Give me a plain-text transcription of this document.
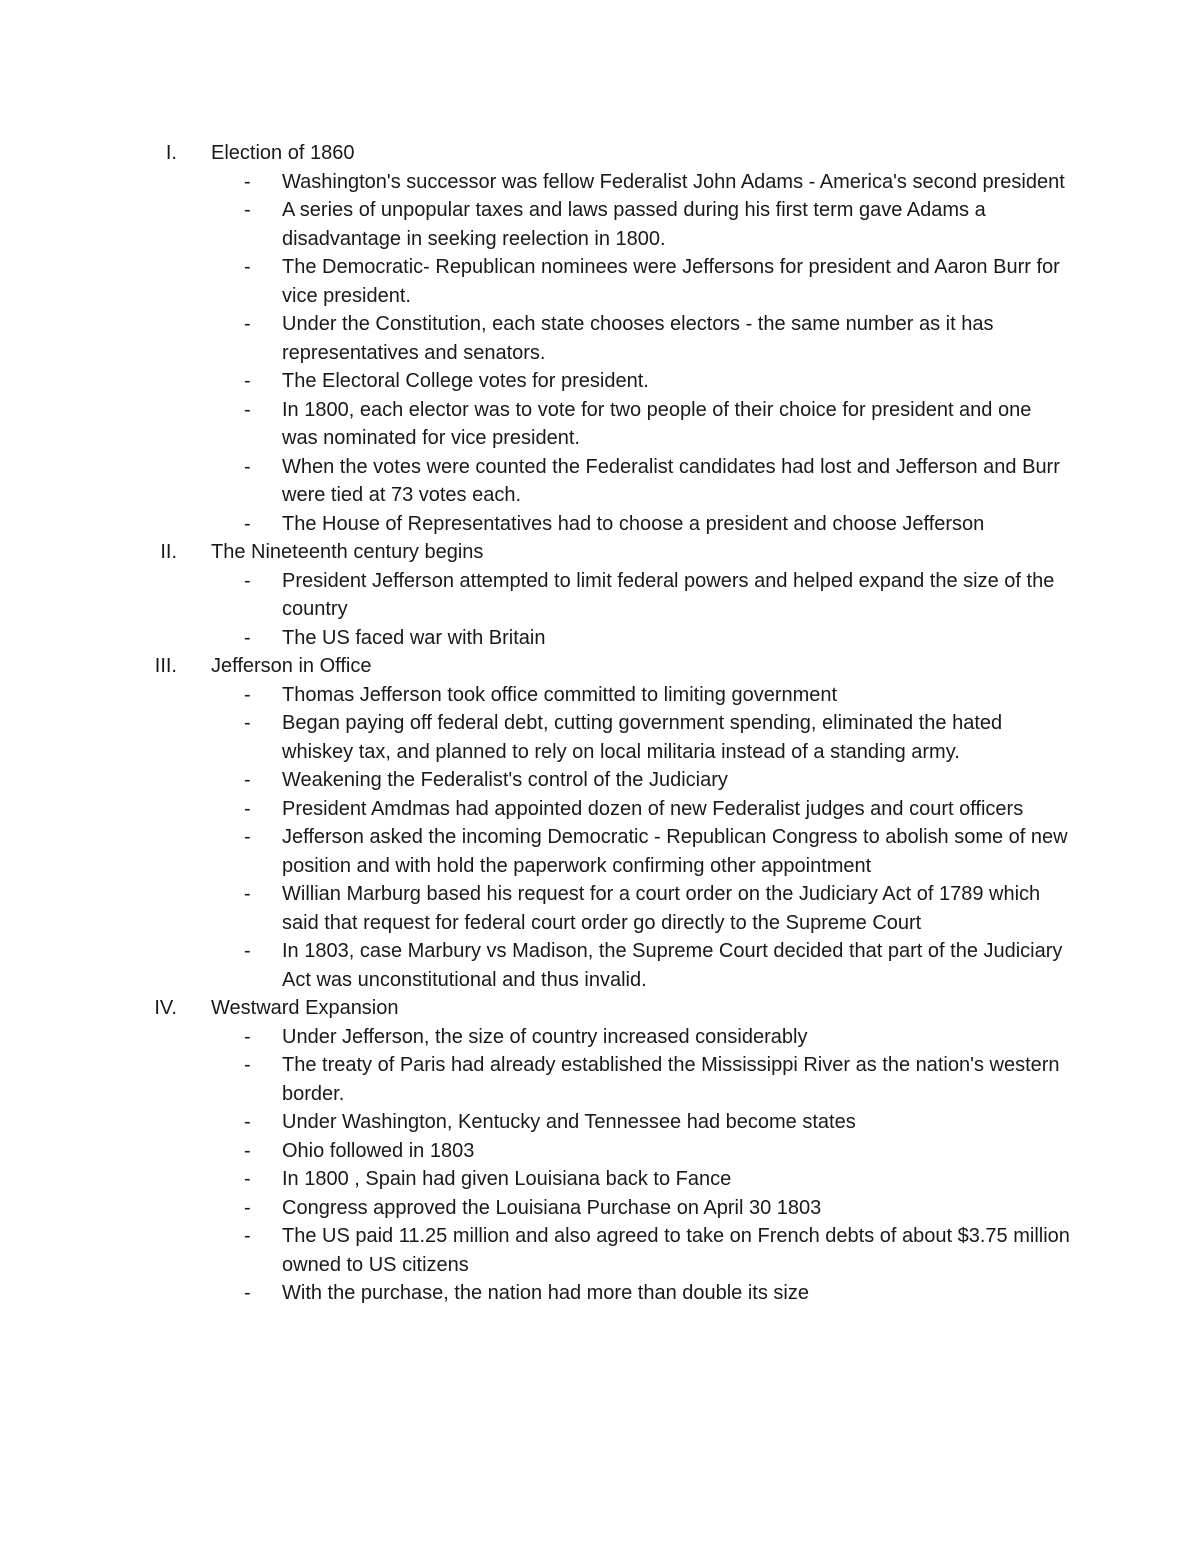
I. Election of 1860
- Washington's successor was fellow Federalist John Adams - America's second president
- A series of unpopular taxes and laws passed during his first term gave Adams a disadvantage in seeking reelection in 1800.
- The Democratic- Republican nominees were Jeffersons for president and Aaron Burr for vice president.
- Under the Constitution, each state chooses electors - the same number as it has representatives and senators.
- The Electoral College votes for president.
- In 1800, each elector was to vote for two people of their choice for president and one was nominated for vice president.
- When the votes were counted the Federalist candidates had lost and Jefferson and Burr were tied at 73 votes each.
- The House of Representatives had to choose a president and choose Jefferson
II. The Nineteenth century begins
- President Jefferson attempted to limit federal powers and helped expand the size of the country
- The US faced war with Britain
III. Jefferson in Office
- Thomas Jefferson took office committed to limiting government
- Began paying off federal debt, cutting government spending, eliminated the hated whiskey tax, and planned to rely on local militaria instead of a standing army.
- Weakening the Federalist's control of the Judiciary
- President Amdmas had appointed dozen of new Federalist judges and court officers
- Jefferson asked the incoming Democratic - Republican Congress to abolish some of new position and with hold the paperwork confirming other appointment
- Willian Marburg based his request for a court order on the Judiciary Act of 1789 which said that request for federal court order go directly to the Supreme Court
- In 1803, case Marbury vs Madison, the Supreme Court decided that part of the Judiciary Act was unconstitutional and thus invalid.
IV. Westward Expansion
- Under Jefferson, the size of country increased considerably
- The treaty of Paris had already established the Mississippi River as the nation's western border.
- Under Washington, Kentucky and Tennessee had become states
- Ohio followed in 1803
- In 1800 , Spain had given Louisiana back to Fance
- Congress approved the Louisiana Purchase on April 30 1803
- The US paid 11.25 million and also agreed to take on French debts of about $3.75 million owned to US citizens
- With the purchase, the nation had more than double its size
